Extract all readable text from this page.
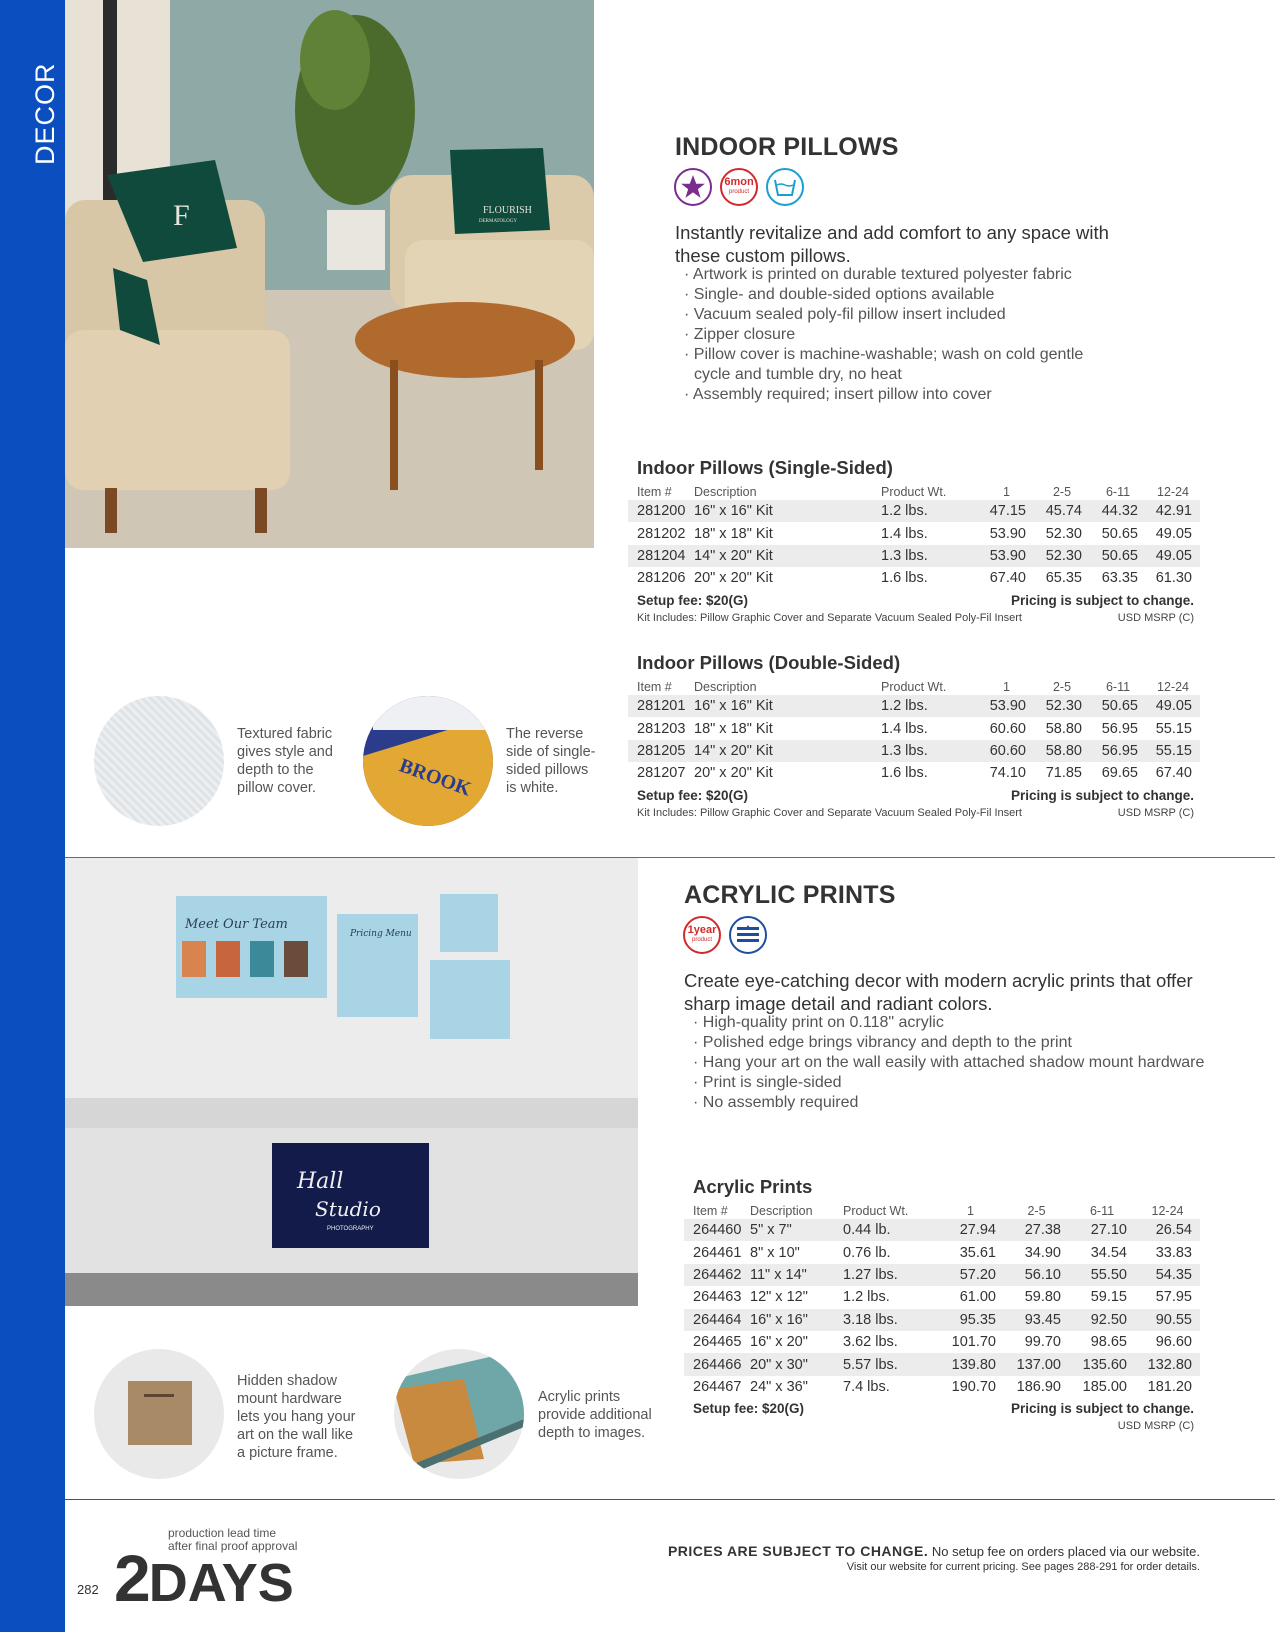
DECOR
F	FLOURISH
DERMATOLOGY
INDOOR PILLOWS
6mon
product

Instantly revitalize and add comfort to any space with these custom pillows.

· Artwork is printed on durable textured polyester fabric
· Single- and double-sided options available
· Vacuum sealed poly-fil pillow insert included
· Zipper closure
· Pillow cover is machine-washable; wash on cold gentle cycle and tumble dry, no heat
· Assembly required; insert pillow into cover
Indoor Pillows (Single-Sided)
Item #	Description	Product Wt.	1	2-5	6-11	12-24
281200	16" x 16" Kit	1.2 lbs.	47.15	45.74	44.32	42.91
281202	18" x 18" Kit	1.4 lbs.	53.90	52.30	50.65	49.05
281204	14" x 20" Kit	1.3 lbs.	53.90	52.30	50.65	49.05
281206	20" x 20" Kit	1.6 lbs.	67.40	65.35	63.35	61.30
Setup fee: $20(G)	Pricing is subject to change.
Kit Includes: Pillow Graphic Cover and Separate Vacuum Sealed Poly-Fil Insert	USD MSRP (C)
Indoor Pillows (Double-Sided)
Item #	Description	Product Wt.	1	2-5	6-11	12-24
281201	16" x 16" Kit	1.2 lbs.	53.90	52.30	50.65	49.05
281203	18" x 18" Kit	1.4 lbs.	60.60	58.80	56.95	55.15
281205	14" x 20" Kit	1.3 lbs.	60.60	58.80	56.95	55.15
281207	20" x 20" Kit	1.6 lbs.	74.10	71.85	69.65	67.40
Setup fee: $20(G)	Pricing is subject to change.
Kit Includes: Pillow Graphic Cover and Separate Vacuum Sealed Poly-Fil Insert	USD MSRP (C)
Textured fabric gives style and depth to the pillow cover.	BROOK
The reverse side of single-sided pillows is white.
Meet Our Team
Pricing Menu
Hall
Studio
PHOTOGRAPHY
ACRYLIC PRINTS
1year
product

Create eye-catching decor with modern acrylic prints that offer sharp image detail and radiant colors.

· High-quality print on 0.118" acrylic
· Polished edge brings vibrancy and depth to the print
· Hang your art on the wall easily with attached shadow mount hardware
· Print is single-sided
· No assembly required
Acrylic Prints
Item #	Description	Product Wt.	1	2-5	6-11	12-24
264460	5" x 7"	0.44 lb.	27.94	27.38	27.10	26.54
264461	8" x 10"	0.76 lb.	35.61	34.90	34.54	33.83
264462	11" x 14"	1.27 lbs.	57.20	56.10	55.50	54.35
264463	12" x 12"	1.2 lbs.	61.00	59.80	59.15	57.95
264464	16" x 16"	3.18 lbs.	95.35	93.45	92.50	90.55
264465	16" x 20"	3.62 lbs.	101.70	99.70	98.65	96.60
264466	20" x 30"	5.57 lbs.	139.80	137.00	135.60	132.80
264467	24" x 36"	7.4 lbs.	190.70	186.90	185.00	181.20
Setup fee: $20(G)	Pricing is subject to change.
USD MSRP (C)
Hidden shadow mount hardware lets you hang your art on the wall like a picture frame.
Acrylic prints provide additional depth to images.
production lead time
after final proof approval
2DAYS
282
PRICES ARE SUBJECT TO CHANGE. No setup fee on orders placed via our website.
Visit our website for current pricing. See pages 288-291 for order details.
